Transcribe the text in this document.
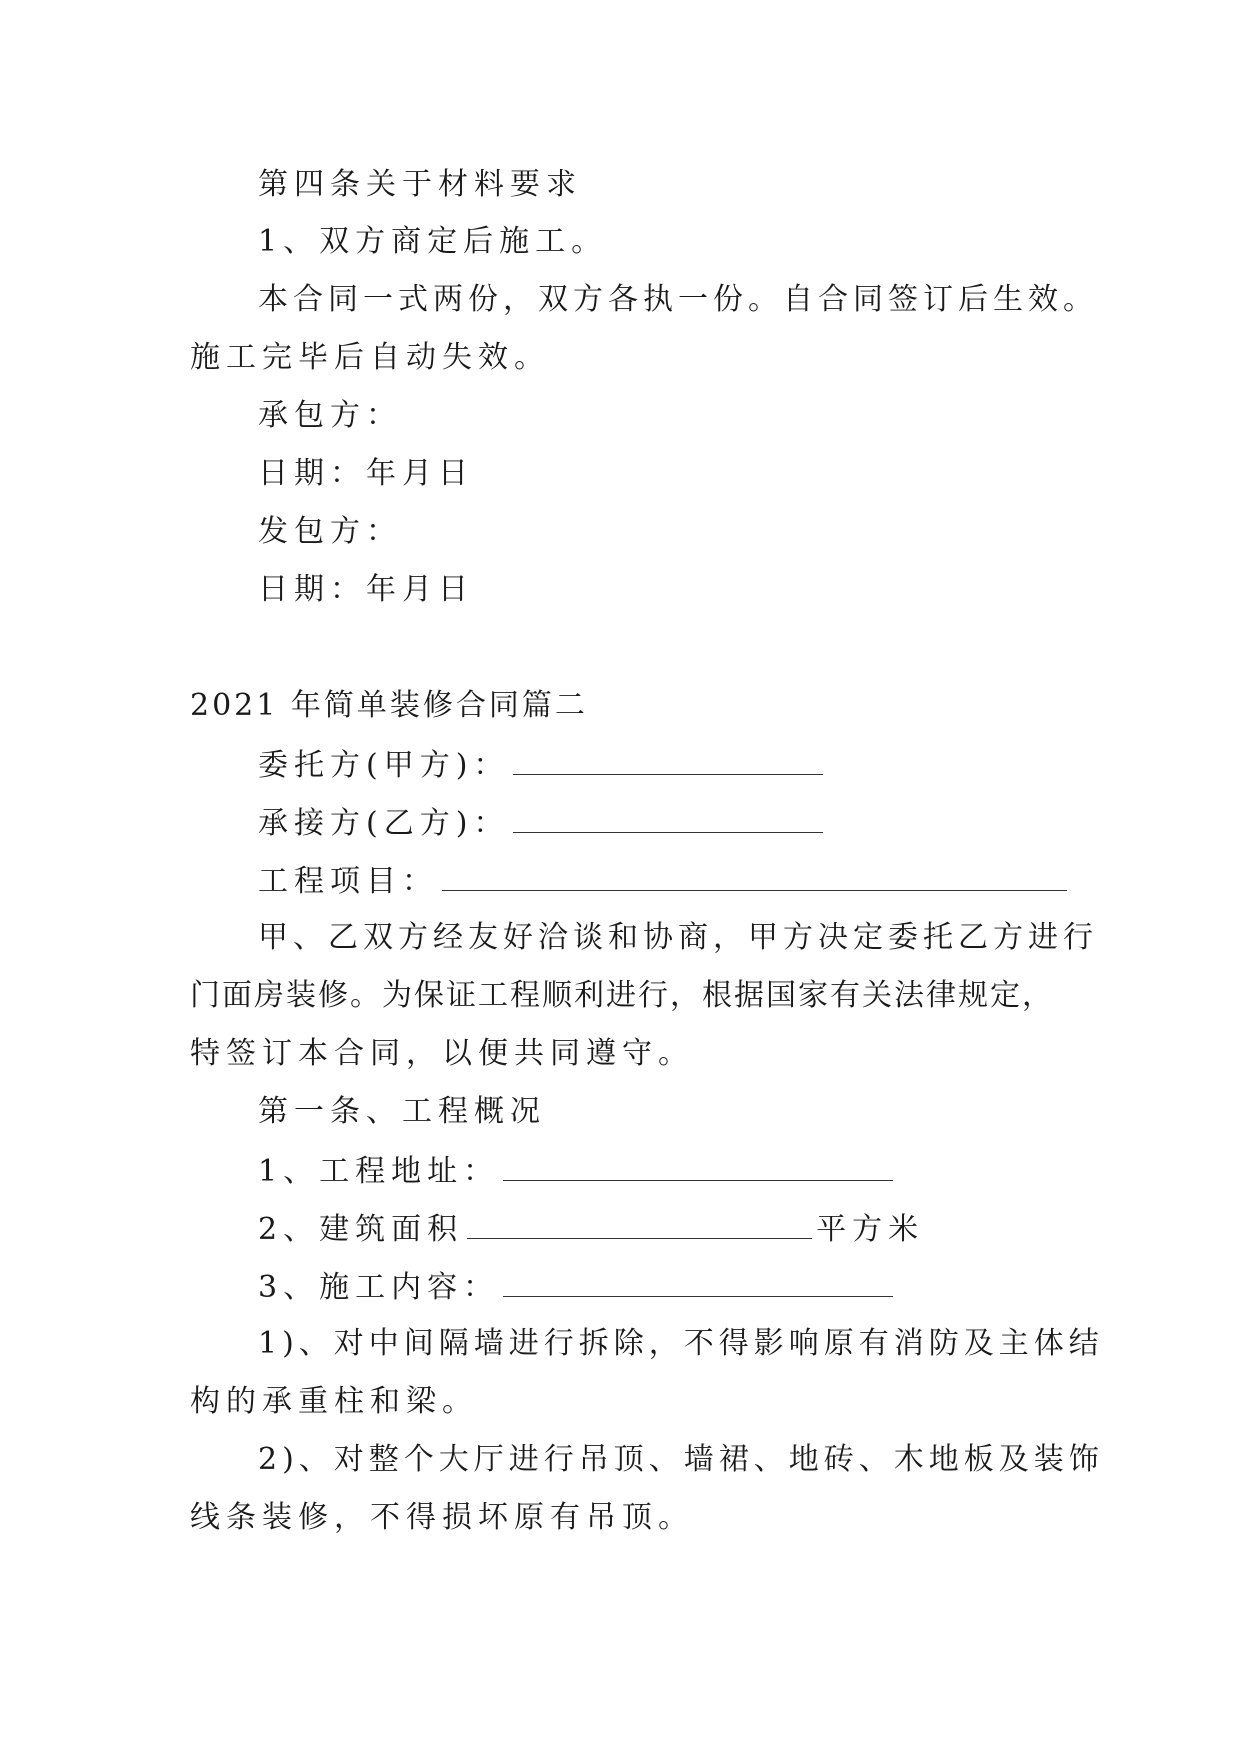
第四条关于材料要求
1、双方商定后施工。
本合同一式两份，双方各执一份。自合同签订后生效。
施工完毕后自动失效。
承包方：
日期：年月日
发包方：
日期：年月日
2021 年简单装修合同篇二
委托方(甲方)：
承接方(乙方)：
工程项目：
甲、乙双方经友好洽谈和协商，甲方决定委托乙方进行
门面房装修。为保证工程顺利进行，根据国家有关法律规定，
特签订本合同，以便共同遵守。
第一条、工程概况
1、工程地址：
2、建筑面积	平方米
3、施工内容：
1)、对中间隔墙进行拆除，不得影响原有消防及主体结
构的承重柱和梁。
2)、对整个大厅进行吊顶、墙裙、地砖、木地板及装饰
线条装修，不得损坏原有吊顶。
